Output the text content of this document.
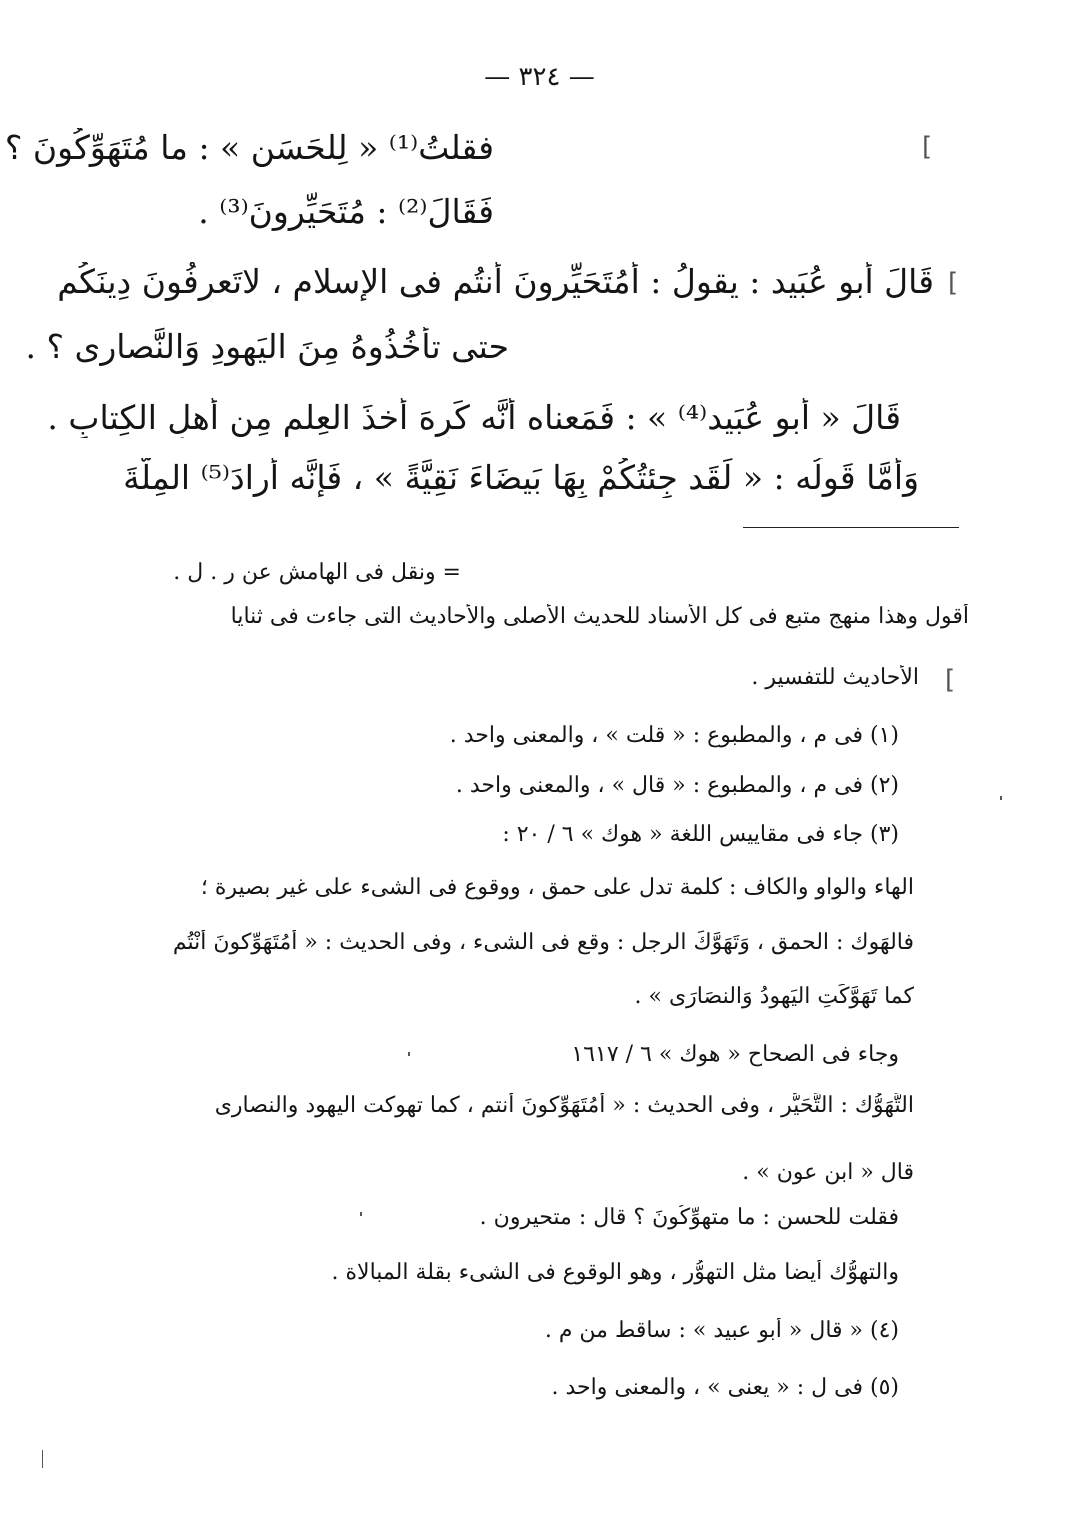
— ٣٢٤ —
[
[
[
فقلتُ⁽¹⁾ « لِلحَسَن » : ما مُتَهَوِّكُونَ ؟
فَقَالَ⁽²⁾ : مُتَحَيِّرونَ⁽³⁾ .
قَالَ أَبو عُبَيد : يقولُ : أَمُتَحَيِّرونَ أَنتُم فى الإسلامِ ، لاتَعرِفُونَ دِينَكُم
حتى تأْخُذُوهُ مِنَ اليَهودِ وَالنَّصارى ؟ .
قَالَ « أبو عُبَيد⁽⁴⁾ » : فَمَعناه أَنَّه كَرِهَ أَخذَ العِلمِ مِن أَهلِ الكِتابِ .
وَأَمَّا قَولُه : « لَقَد جِئتُكُمْ بِهَا بَيضَاءَ نَقِيَّةً » ، فَإِنَّه أَرادَ⁽⁵⁾ المِلَّةَ
= ونقل فى الهامش عن ر . ل .
أقول وهذا منهج متبع فى كل الأسناد للحديث الأصلى والأحاديث التى جاءت فى ثنايا
الأحاديث للتفسير .
(١) فى م ، والمطبوع : « قلت » ، والمعنى واحد .
(٢) فى م ، والمطبوع : « قال » ، والمعنى واحد .
(٣) جاء فى مقاييس اللغة « هوك » ٦ / ٢٠ :
الهاء والواو والكاف : كلمة تدل على حمق ، ووقوع فى الشىء على غير بصيرة ؛
فالهَوك : الحمق ، وَتَهَوَّكَ الرجل : وقع فى الشىء ، وفى الحديث : « أَمُتَهَوِّكونَ أَنْتُم
كما تَهَوَّكَتِ اليَهودُ وَالنصَارَى » .
وجاء فى الصحاح « هوك » ٦ / ١٦١٧
التَّهَوُّك : التَّحَيُّر ، وفى الحديث : « أَمُتَهَوِّكونَ أنتم ، كما تهوكت اليهود والنصارى
قال « ابن عون » .
فقلت للحسن : ما متهوِّكُونَ ؟ قال : متحيرون .
والتهوُّك أيضا مثل التهوُّر ، وهو الوقوع فى الشىء بقلة المبالاة .
(٤) « قال « أبو عبيد » : ساقط من م .
(٥) فى ل : « يعنى » ، والمعنى واحد .
